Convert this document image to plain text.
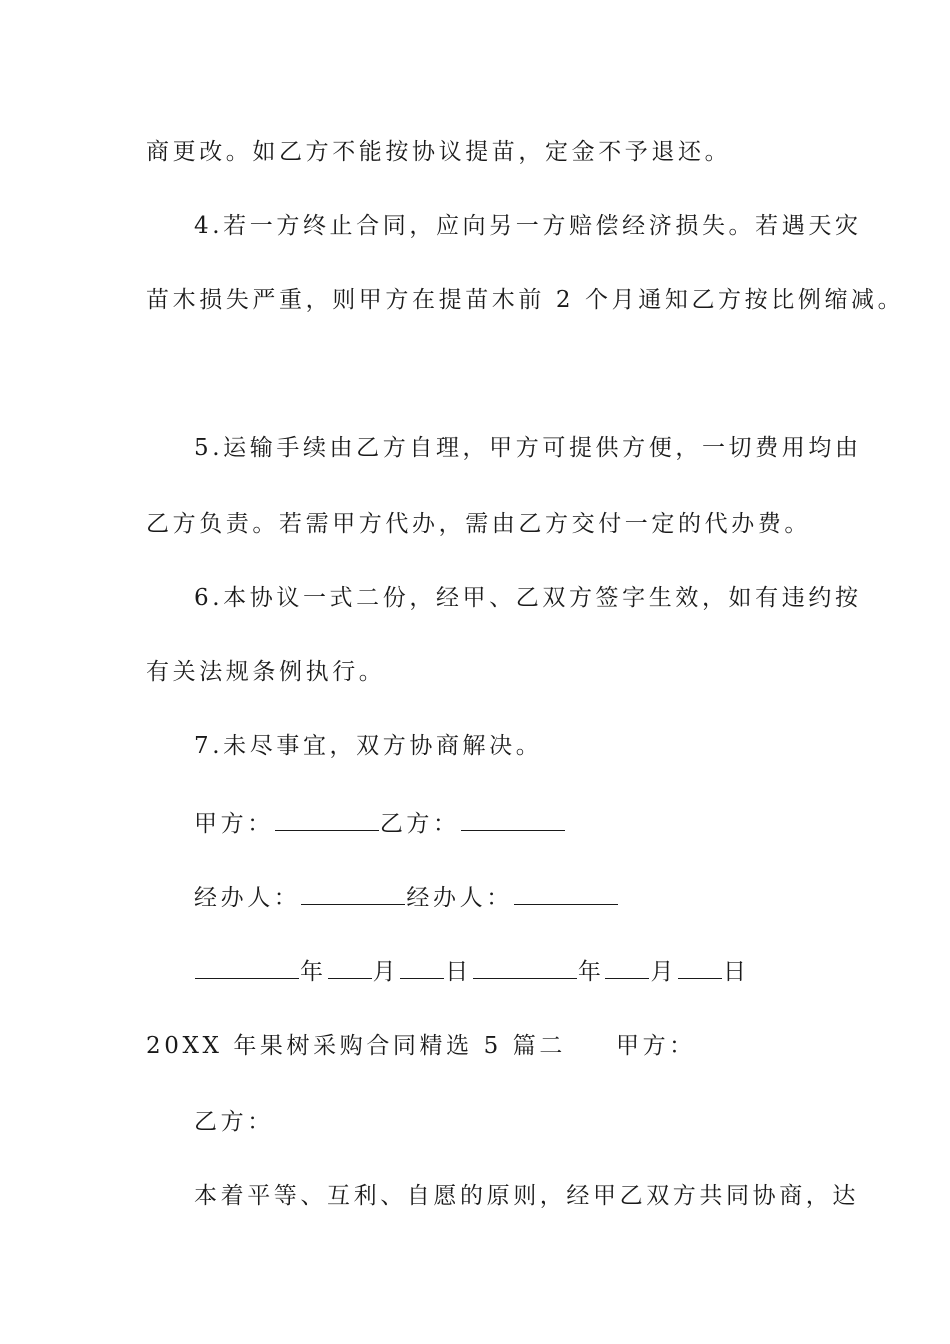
商更改。如乙方不能按协议提苗，定金不予退还。
4.若一方终止合同，应向另一方赔偿经济损失。若遇天灾
苗木损失严重，则甲方在提苗木前 2 个月通知乙方按比例缩减。
5.运输手续由乙方自理，甲方可提供方便，一切费用均由
乙方负责。若需甲方代办，需由乙方交付一定的代办费。
6.本协议一式二份，经甲、乙双方签字生效，如有违约按
有关法规条例执行。
7.未尽事宜，双方协商解决。
甲方：	乙方：
经办人：	经办人：
年 月 日	年 月 日
20XX 年果树采购合同精选 5 篇二 甲方：
乙方：
本着平等、互利、自愿的原则，经甲乙双方共同协商，达
